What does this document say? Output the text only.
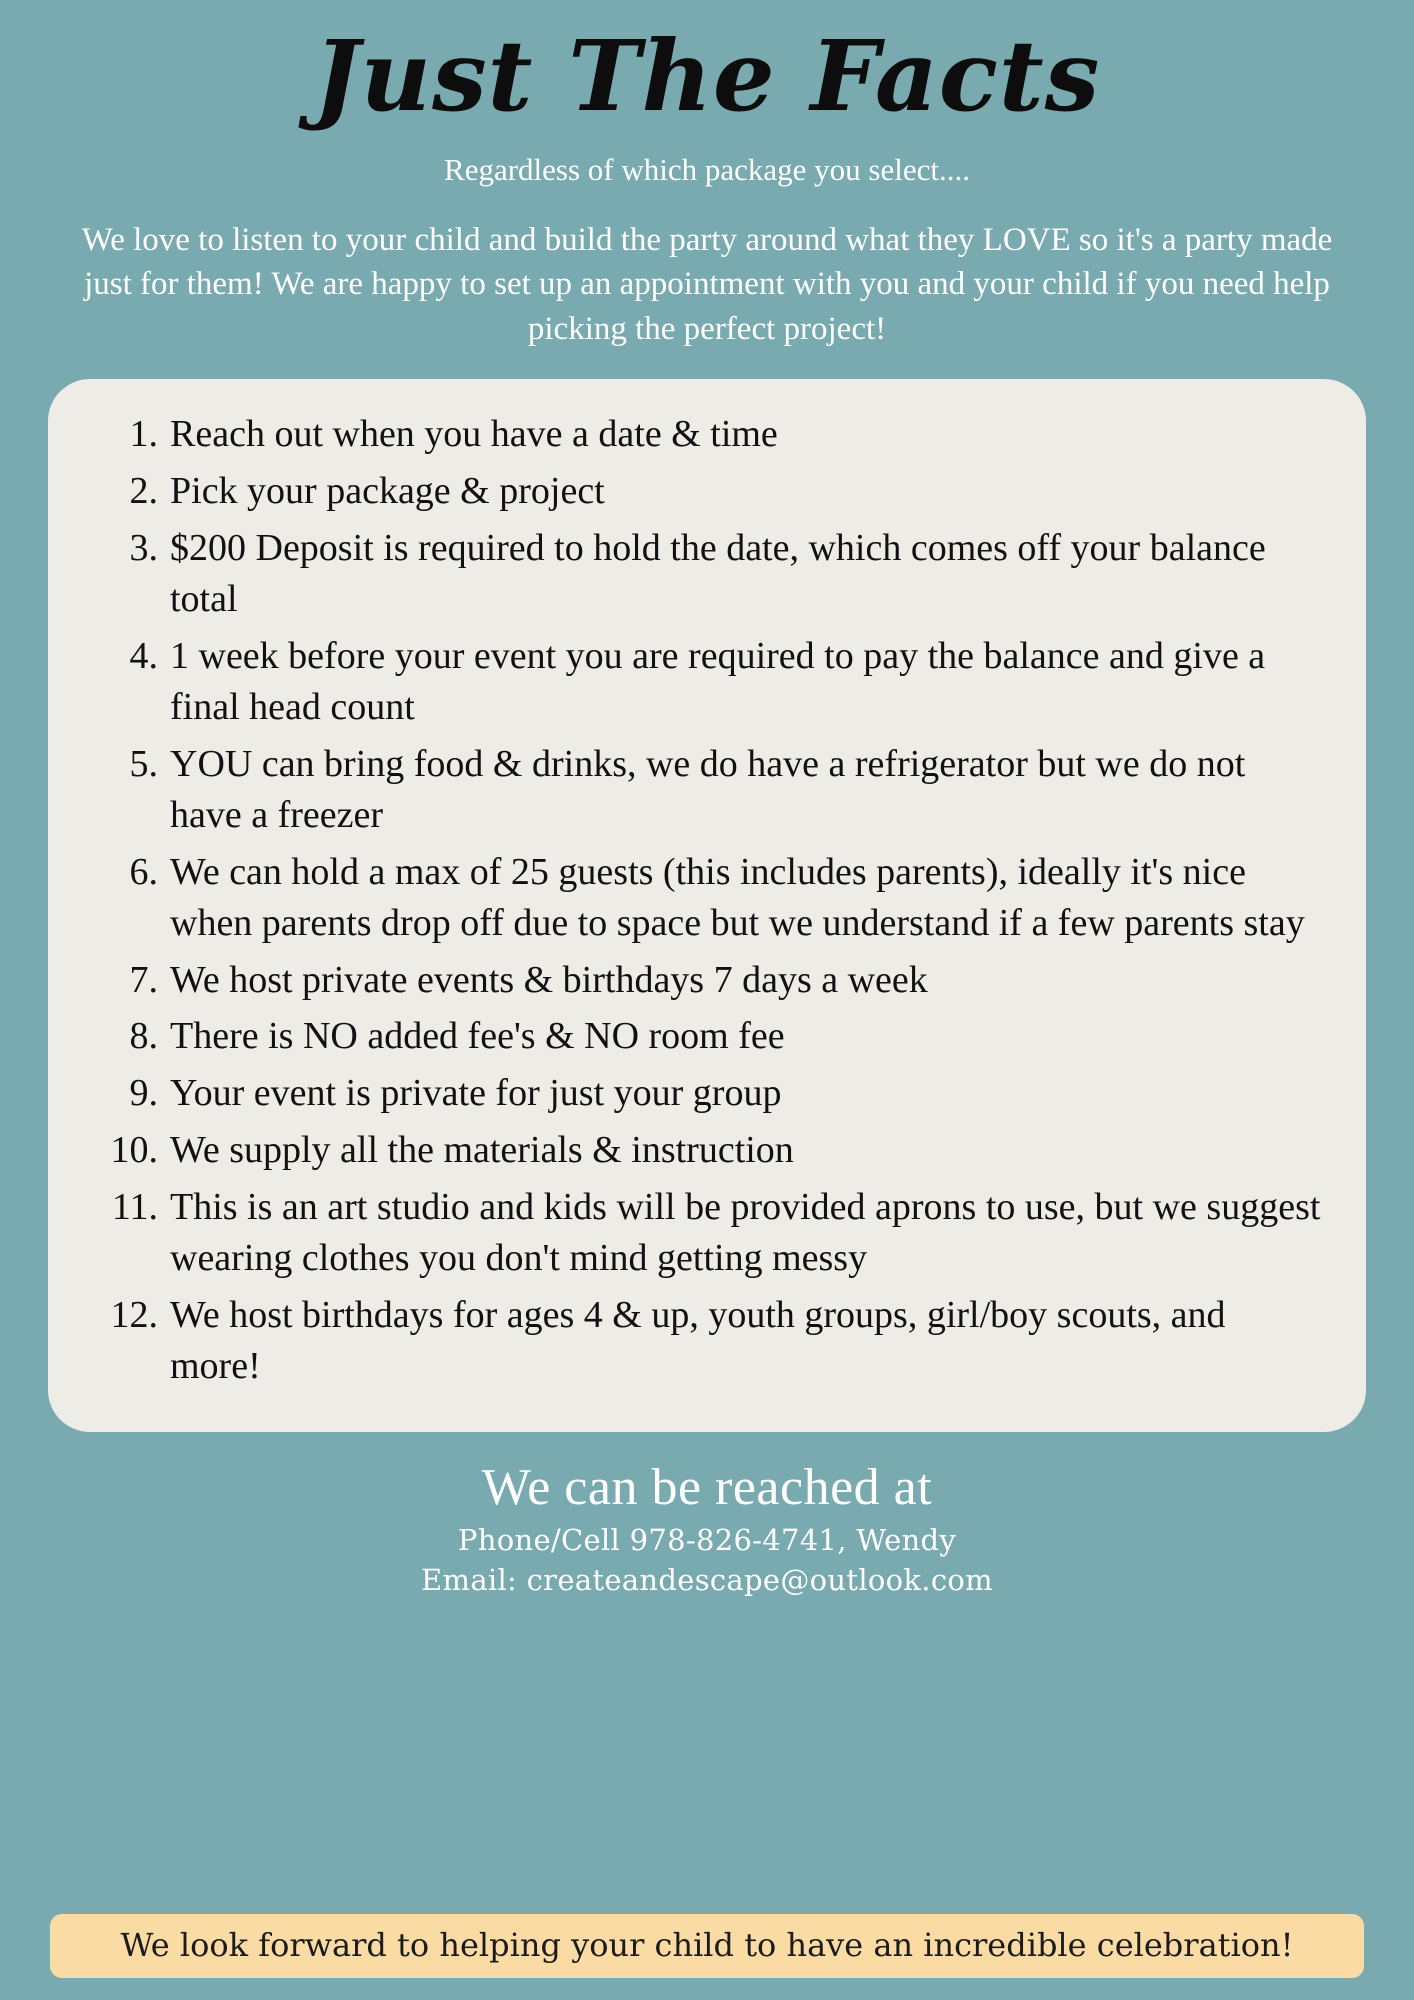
Just The Facts
Regardless of which package you select....
We love to listen to your child and build the party around what they LOVE so it's a party made just for them! We are happy to set up an appointment with you and your child if you need help picking the perfect project!
Reach out when you have a date & time
Pick your package & project
$200 Deposit is required to hold the date, which comes off your balance total
1 week before your event you are required to pay the balance and give a final head count
YOU can bring food & drinks, we do have a refrigerator but we do not have a freezer
We can hold a max of 25 guests (this includes parents), ideally it's nice when parents drop off due to space but we understand if a few parents stay
We host private events & birthdays 7 days a week
There is NO added fee's & NO room fee
Your event is private for just your group
We supply all the materials & instruction
This is an art studio and kids will be provided aprons to use, but we suggest wearing clothes you don't mind getting messy
We host birthdays for ages 4 & up, youth groups, girl/boy scouts, and more!
We can be reached at
Phone/Cell 978-826-4741, Wendy
Email: createandescape@outlook.com
We look forward to helping your child to have an incredible celebration!
